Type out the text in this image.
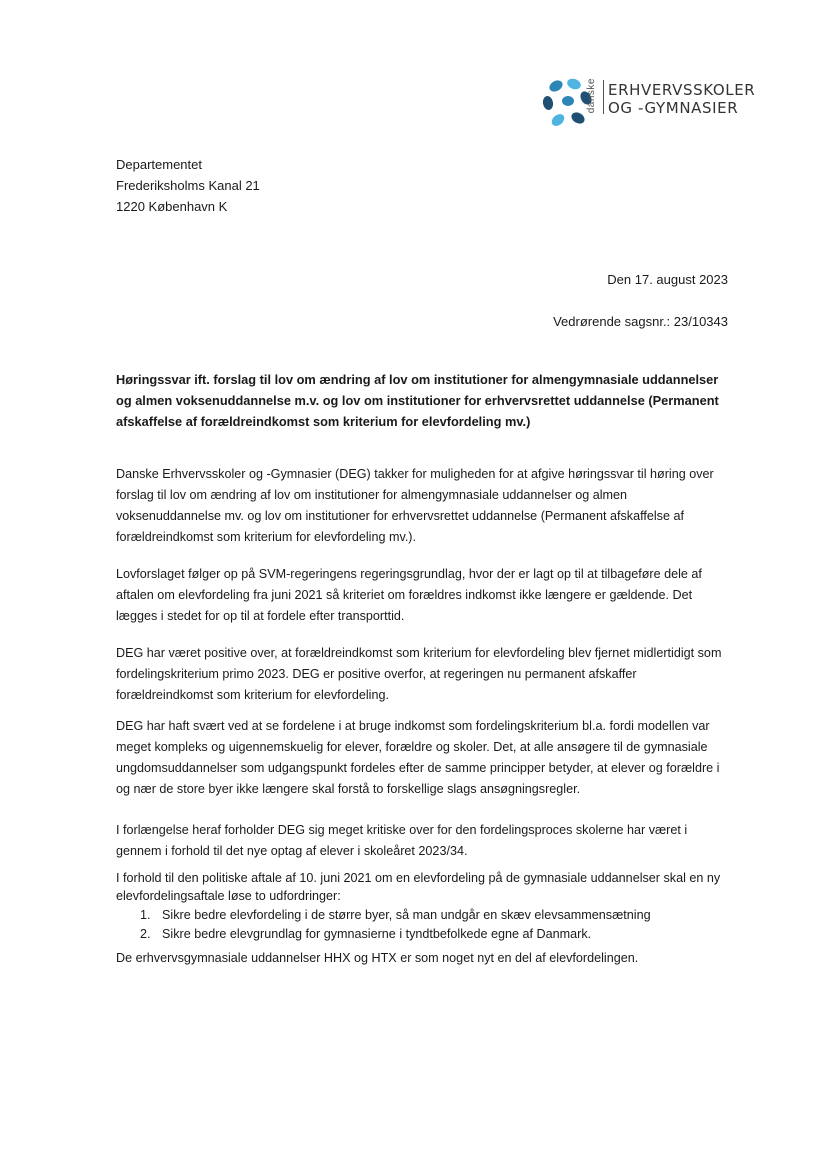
danske ERHVERVSSKOLER
OG -GYMNASIER
Departementet
Frederiksholms Kanal 21
1220 København K
Den 17. august 2023
Vedrørende sagsnr.: 23/10343
Høringssvar ift. forslag til lov om ændring af lov om institutioner for almengymnasiale uddannelser og almen voksenuddannelse m.v. og lov om institutioner for erhvervsrettet uddannelse (Permanent afskaffelse af forældreindkomst som kriterium for elevfordeling mv.)
Danske Erhvervsskoler og -Gymnasier (DEG) takker for muligheden for at afgive høringssvar til høring over forslag til lov om ændring af lov om institutioner for almengymnasiale uddannelser og almen voksenuddannelse mv. og lov om institutioner for erhvervsrettet uddannelse (Permanent afskaffelse af forældreindkomst som kriterium for elevfordeling mv.).
Lovforslaget følger op på SVM-regeringens regeringsgrundlag, hvor der er lagt op til at tilbageføre dele af aftalen om elevfordeling fra juni 2021 så kriteriet om forældres indkomst ikke længere er gældende. Det lægges i stedet for op til at fordele efter transporttid.
DEG har været positive over, at forældreindkomst som kriterium for elevfordeling blev fjernet midlertidigt som fordelingskriterium primo 2023. DEG er positive overfor, at regeringen nu permanent afskaffer forældreindkomst som kriterium for elevfordeling.
DEG har haft svært ved at se fordelene i at bruge indkomst som fordelingskriterium bl.a. fordi modellen var meget kompleks og uigennemskuelig for elever, forældre og skoler. Det, at alle ansøgere til de gymnasiale ungdomsuddannelser som udgangspunkt fordeles efter de samme principper betyder, at elever og forældre i og nær de store byer ikke længere skal forstå to forskellige slags ansøgningsregler.
I forlængelse heraf forholder DEG sig meget kritiske over for den fordelingsproces skolerne har været i gennem i forhold til det nye optag af elever i skoleåret 2023/34.
I forhold til den politiske aftale af 10. juni 2021 om en elevfordeling på de gymnasiale uddannelser skal en ny elevfordelingsaftale løse to udfordringer:
1. Sikre bedre elevfordeling i de større byer, så man undgår en skæv elevsammensætning
2. Sikre bedre elevgrundlag for gymnasierne i tyndtbefolkede egne af Danmark.
De erhvervsgymnasiale uddannelser HHX og HTX er som noget nyt en del af elevfordelingen.
